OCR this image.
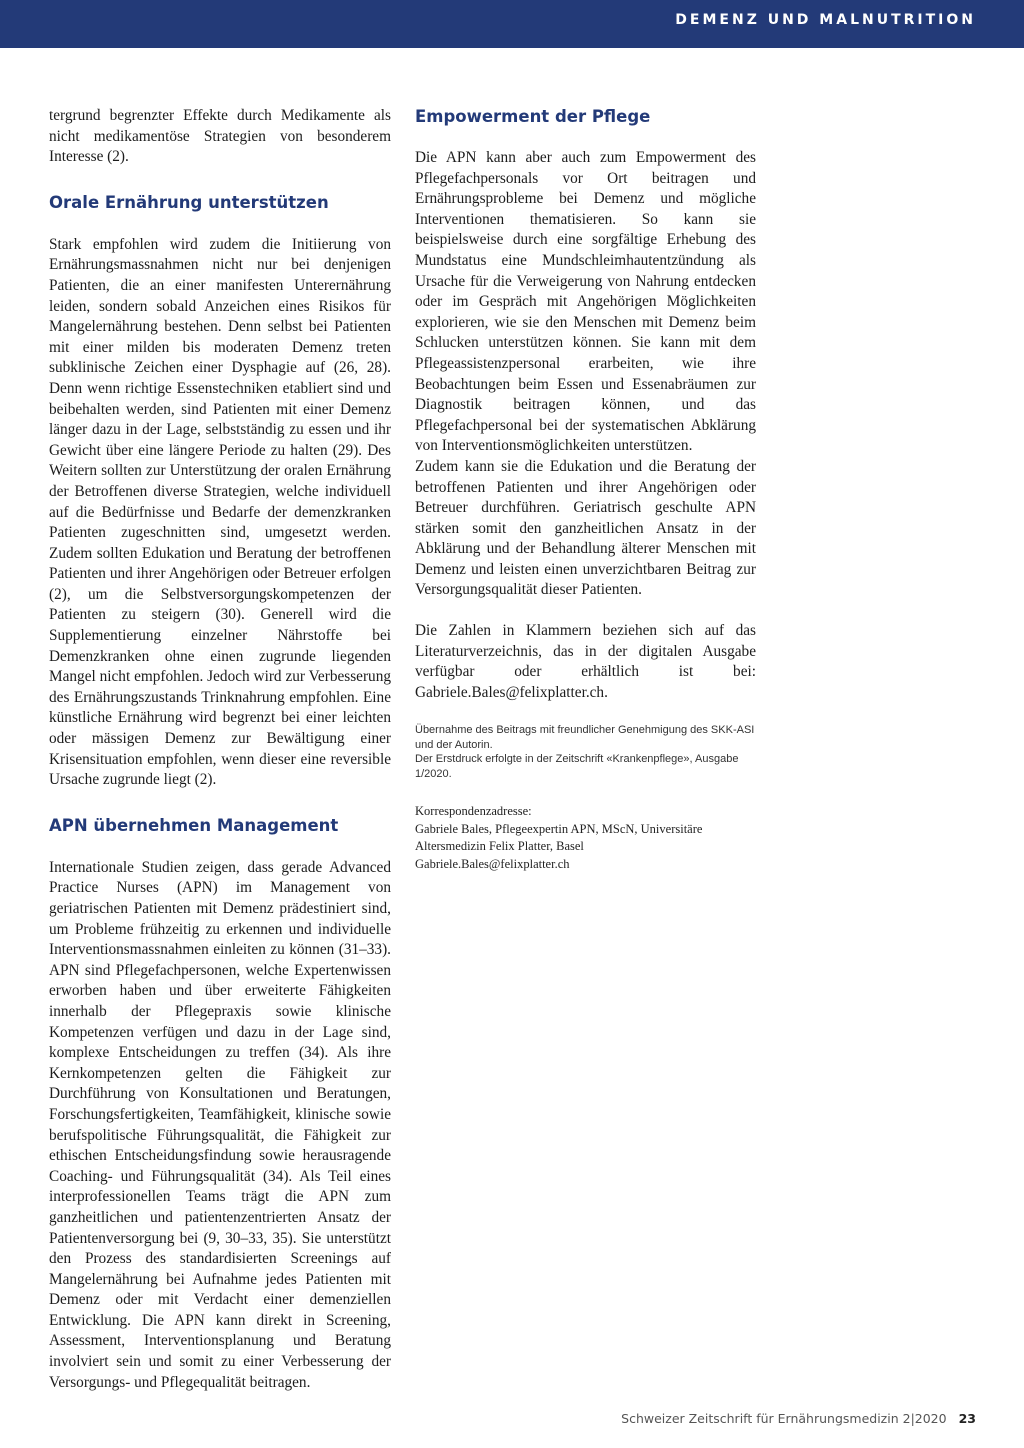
DEMENZ UND MALNUTRITION

tergrund begrenzter Effekte durch Medikamente als nicht medikamentöse Strategien von besonderem Interesse (2).

Orale Ernährung unterstützen

Stark empfohlen wird zudem die Initiierung von Ernährungsmassnahmen nicht nur bei denjenigen Patienten, die an einer manifesten Unterernährung leiden, sondern sobald Anzeichen eines Risikos für Mangelernährung bestehen. Denn selbst bei Patienten mit einer milden bis moderaten Demenz treten subklinische Zeichen einer Dysphagie auf (26, 28). Denn wenn richtige Essenstechniken etabliert sind und beibehalten werden, sind Patienten mit einer Demenz länger dazu in der Lage, selbstständig zu essen und ihr Gewicht über eine längere Periode zu halten (29). Des Weitern sollten zur Unterstützung der oralen Ernährung der Betroffenen diverse Strategien, welche individuell auf die Bedürfnisse und Bedarfe der demenzkranken Patienten zugeschnitten sind, umgesetzt werden. Zudem sollten Edukation und Beratung der betroffenen Patienten und ihrer Angehörigen oder Betreuer erfolgen (2), um die Selbstversorgungskompetenzen der Patienten zu steigern (30). Generell wird die Supplementierung einzelner Nährstoffe bei Demenzkranken ohne einen zugrunde liegenden Mangel nicht empfohlen. Jedoch wird zur Verbesserung des Ernährungszustands Trinknahrung empfohlen. Eine künstliche Ernährung wird begrenzt bei einer leichten oder mässigen Demenz zur Bewältigung einer Krisensituation empfohlen, wenn dieser eine reversible Ursache zugrunde liegt (2).

APN übernehmen Management

Internationale Studien zeigen, dass gerade Advanced Practice Nurses (APN) im Management von geriatrischen Patienten mit Demenz prädestiniert sind, um Probleme frühzeitig zu erkennen und individuelle Interventionsmassnahmen einleiten zu können (31–33). APN sind Pflegefachpersonen, welche Expertenwissen erworben haben und über erweiterte Fähigkeiten innerhalb der Pflegepraxis sowie klinische Kompetenzen verfügen und dazu in der Lage sind, komplexe Entscheidungen zu treffen (34). Als ihre Kernkompetenzen gelten die Fähigkeit zur Durchführung von Konsultationen und Beratungen, Forschungsfertigkeiten, Teamfähigkeit, klinische sowie berufspolitische Führungsqualität, die Fähigkeit zur ethischen Entscheidungsfindung sowie herausragende Coaching- und Führungsqualität (34). Als Teil eines interprofessionellen Teams trägt die APN zum ganzheitlichen und patientenzentrierten Ansatz der Patientenversorgung bei (9, 30–33, 35). Sie unterstützt den Prozess des standardisierten Screenings auf Mangelernährung bei Aufnahme jedes Patienten mit Demenz oder mit Verdacht einer demenziellen Entwicklung. Die APN kann direkt in Screening, Assessment, Interventionsplanung und Beratung involviert sein und somit zu einer Verbesserung der Versorgungs- und Pflegequalität beitragen.

Empowerment der Pflege

Die APN kann aber auch zum Empowerment des Pflegefachpersonals vor Ort beitragen und Ernährungsprobleme bei Demenz und mögliche Interventionen thematisieren. So kann sie beispielsweise durch eine sorgfältige Erhebung des Mundstatus eine Mundschleimhautentzündung als Ursache für die Verweigerung von Nahrung entdecken oder im Gespräch mit Angehörigen Möglichkeiten explorieren, wie sie den Menschen mit Demenz beim Schlucken unterstützen können. Sie kann mit dem Pflegeassistenzpersonal erarbeiten, wie ihre Beobachtungen beim Essen und Essenabräumen zur Diagnostik beitragen können, und das Pflegefachpersonal bei der systematischen Abklärung von Interventionsmöglichkeiten unterstützen.

Zudem kann sie die Edukation und die Beratung der betroffenen Patienten und ihrer Angehörigen oder Betreuer durchführen. Geriatrisch geschulte APN stärken somit den ganzheitlichen Ansatz in der Abklärung und der Behandlung älterer Menschen mit Demenz und leisten einen unverzichtbaren Beitrag zur Versorgungsqualität dieser Patienten.

Die Zahlen in Klammern beziehen sich auf das Literaturverzeichnis, das in der digitalen Ausgabe verfügbar oder erhältlich ist bei: Gabriele.Bales@felixplatter.ch.

Übernahme des Beitrags mit freundlicher Genehmigung des SKK-ASI und der Autorin.

Der Erstdruck erfolgte in der Zeitschrift «Krankenpflege», Ausgabe 1/2020.

Korrespondenzadresse:

Gabriele Bales, Pflegeexpertin APN, MScN, Universitäre Altersmedizin Felix Platter, Basel

Gabriele.Bales@felixplatter.ch

Schweizer Zeitschrift für Ernährungsmedizin 2|2020 23
